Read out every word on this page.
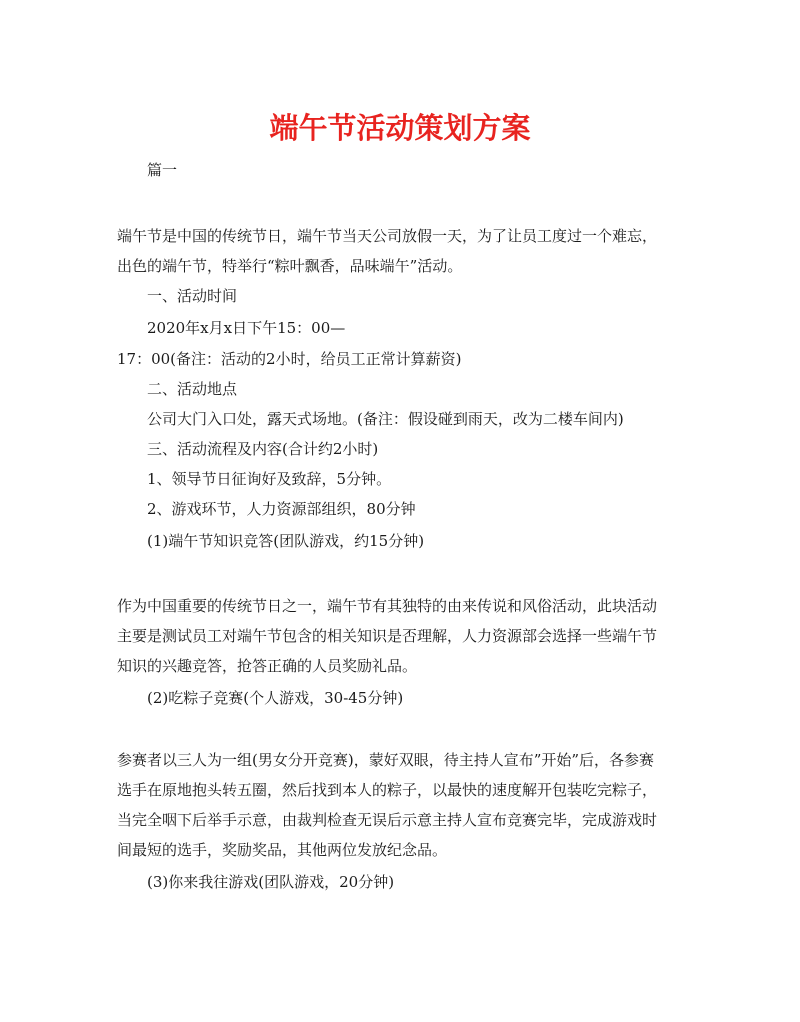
端午节活动策划方案
篇一
端午节是中国的传统节日，端午节当天公司放假一天，为了让员工度过一个难忘，
出色的端午节，特举行“粽叶飘香，品味端午”活动。
一、活动时间
2020年x月x日下午15：00—
17：00(备注：活动的2小时，给员工正常计算薪资)
二、活动地点
公司大门入口处，露天式场地。(备注：假设碰到雨天，改为二楼车间内)
三、活动流程及内容(合计约2小时)
1、领导节日征询好及致辞，5分钟。
2、游戏环节，人力资源部组织，80分钟
(1)端午节知识竞答(团队游戏，约15分钟)
作为中国重要的传统节日之一，端午节有其独特的由来传说和风俗活动，此块活动
主要是测试员工对端午节包含的相关知识是否理解，人力资源部会选择一些端午节
知识的兴趣竞答，抢答正确的人员奖励礼品。
(2)吃粽子竞赛(个人游戏，30-45分钟)
参赛者以三人为一组(男女分开竞赛)，蒙好双眼，待主持人宣布”开始”后，各参赛
选手在原地抱头转五圈，然后找到本人的粽子，以最快的速度解开包装吃完粽子，
当完全咽下后举手示意，由裁判检查无误后示意主持人宣布竞赛完毕，完成游戏时
间最短的选手，奖励奖品，其他两位发放纪念品。
(3)你来我往游戏(团队游戏，20分钟)
